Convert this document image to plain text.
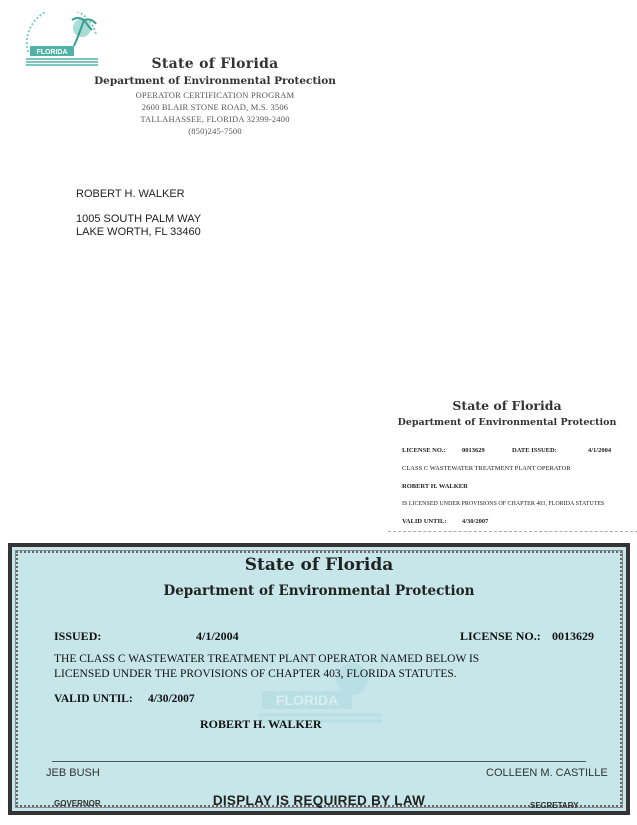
FLORIDA
State of Florida
Department of Environmental Protection
OPERATOR CERTIFICATION PROGRAM
2600 BLAIR STONE ROAD, M.S. 3506
TALLAHASSEE, FLORIDA 32399-2400
(850)245-7500
ROBERT H. WALKER
1005 SOUTH PALM WAY
LAKE WORTH, FL 33460
State of Florida
Department of Environmental Protection
LICENSE NO.:	0013629	DATE ISSUED:	4/1/2004
CLASS C WASTEWATER TREATMENT PLANT OPERATOR
ROBERT H. WALKER
IS LICENSED UNDER PROVISIONS OF CHAPTER 403, FLORIDA STATUTES
VALID UNTIL: 4/30/2007
FLORIDA
State of Florida
Department of Environmental Protection
ISSUED:	4/1/2004	LICENSE NO.: 0013629
THE CLASS C WASTEWATER TREATMENT PLANT OPERATOR NAMED BELOW IS
LICENSED UNDER THE PROVISIONS OF CHAPTER 403, FLORIDA STATUTES.
VALID UNTIL: 4/30/2007
ROBERT H. WALKER
JEB BUSH	COLLEEN M. CASTILLE
GOVERNOR	SECRETARY
DISPLAY IS REQUIRED BY LAW
